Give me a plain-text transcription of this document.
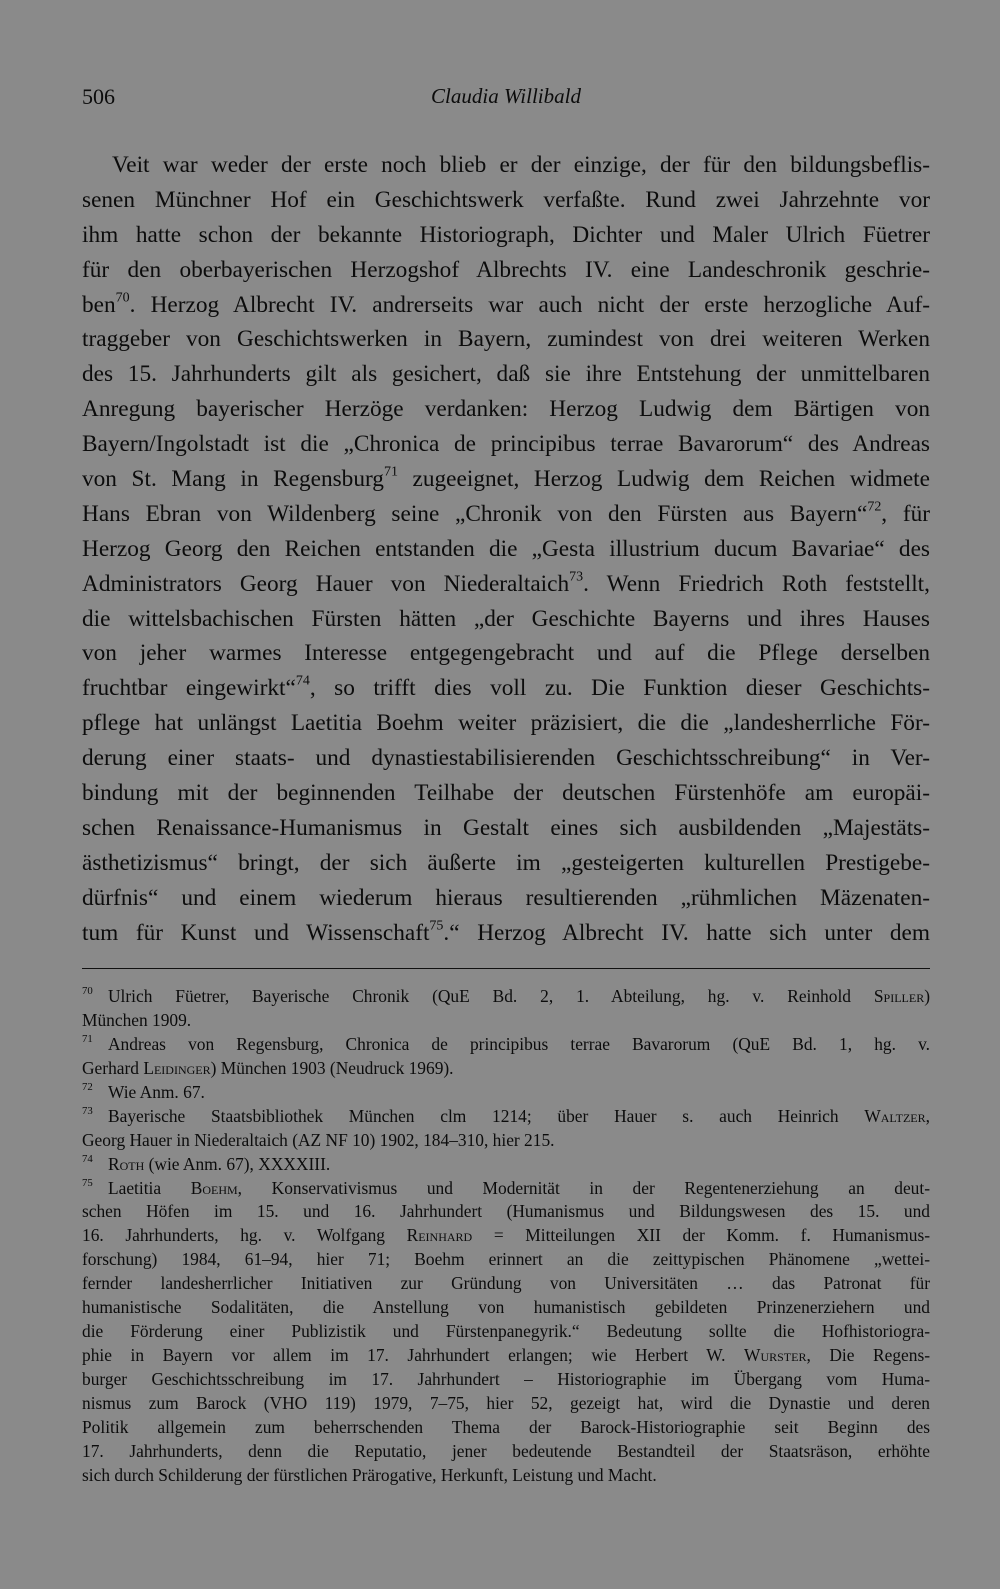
506	Claudia Willibald
Veit war weder der erste noch blieb er der einzige, der für den bildungsbeflis-
senen Münchner Hof ein Geschichtswerk verfaßte. Rund zwei Jahrzehnte vor
ihm hatte schon der bekannte Historiograph, Dichter und Maler Ulrich Füetrer
für den oberbayerischen Herzogshof Albrechts IV. eine Landeschronik geschrie-
ben$^{70}$. Herzog Albrecht IV. andrerseits war auch nicht der erste herzogliche Auf-
traggeber von Geschichtswerken in Bayern, zumindest von drei weiteren Werken
des 15. Jahrhunderts gilt als gesichert, daß sie ihre Entstehung der unmittelbaren
Anregung bayerischer Herzöge verdanken: Herzog Ludwig dem Bärtigen von
Bayern/Ingolstadt ist die „Chronica de principibus terrae Bavarorum“ des Andreas
von St. Mang in Regensburg$^{71}$ zugeeignet, Herzog Ludwig dem Reichen widmete
Hans Ebran von Wildenberg seine „Chronik von den Fürsten aus Bayern“$^{72}$, für
Herzog Georg den Reichen entstanden die „Gesta illustrium ducum Bavariae“ des
Administrators Georg Hauer von Niederaltaich$^{73}$. Wenn Friedrich Roth feststellt,
die wittelsbachischen Fürsten hätten „der Geschichte Bayerns und ihres Hauses
von jeher warmes Interesse entgegengebracht und auf die Pflege derselben
fruchtbar eingewirkt“$^{74}$, so trifft dies voll zu. Die Funktion dieser Geschichts-
pflege hat unlängst Laetitia Boehm weiter präzisiert, die die „landesherrliche För-
derung einer staats- und dynastiestabilisierenden Geschichtsschreibung“ in Ver-
bindung mit der beginnenden Teilhabe der deutschen Fürstenhöfe am europäi-
schen Renaissance-Humanismus in Gestalt eines sich ausbildenden „Majestäts-
ästhetizismus“ bringt, der sich äußerte im „gesteigerten kulturellen Prestigebe-
dürfnis“ und einem wiederum hieraus resultierenden „rühmlichen Mäzenaten-
tum für Kunst und Wissenschaft$^{75}$.“ Herzog Albrecht IV. hatte sich unter dem
70 Ulrich Füetrer, Bayerische Chronik (QuE Bd. 2, 1. Abteilung, hg. v. Reinhold Spiller)
München 1909.
71 Andreas von Regensburg, Chronica de principibus terrae Bavarorum (QuE Bd. 1, hg. v.
Gerhard Leidinger) München 1903 (Neudruck 1969).
72 Wie Anm. 67.
73 Bayerische Staatsbibliothek München clm 1214; über Hauer s. auch Heinrich Waltzer,
Georg Hauer in Niederaltaich (AZ NF 10) 1902, 184–310, hier 215.
74 Roth (wie Anm. 67), XXXXIII.
75 Laetitia Boehm, Konservativismus und Modernität in der Regentenerziehung an deut-
schen Höfen im 15. und 16. Jahrhundert (Humanismus und Bildungswesen des 15. und
16. Jahrhunderts, hg. v. Wolfgang Reinhard = Mitteilungen XII der Komm. f. Humanismus-
forschung) 1984, 61–94, hier 71; Boehm erinnert an die zeittypischen Phänomene „wettei-
fernder landesherrlicher Initiativen zur Gründung von Universitäten … das Patronat für
humanistische Sodalitäten, die Anstellung von humanistisch gebildeten Prinzenerziehern und
die Förderung einer Publizistik und Fürstenpanegyrik.“ Bedeutung sollte die Hofhistoriogra-
phie in Bayern vor allem im 17. Jahrhundert erlangen; wie Herbert W. Wurster, Die Regens-
burger Geschichtsschreibung im 17. Jahrhundert – Historiographie im Übergang vom Huma-
nismus zum Barock (VHO 119) 1979, 7–75, hier 52, gezeigt hat, wird die Dynastie und deren
Politik allgemein zum beherrschenden Thema der Barock-Historiographie seit Beginn des
17. Jahrhunderts, denn die Reputatio, jener bedeutende Bestandteil der Staatsräson, erhöhte
sich durch Schilderung der fürstlichen Prärogative, Herkunft, Leistung und Macht.
